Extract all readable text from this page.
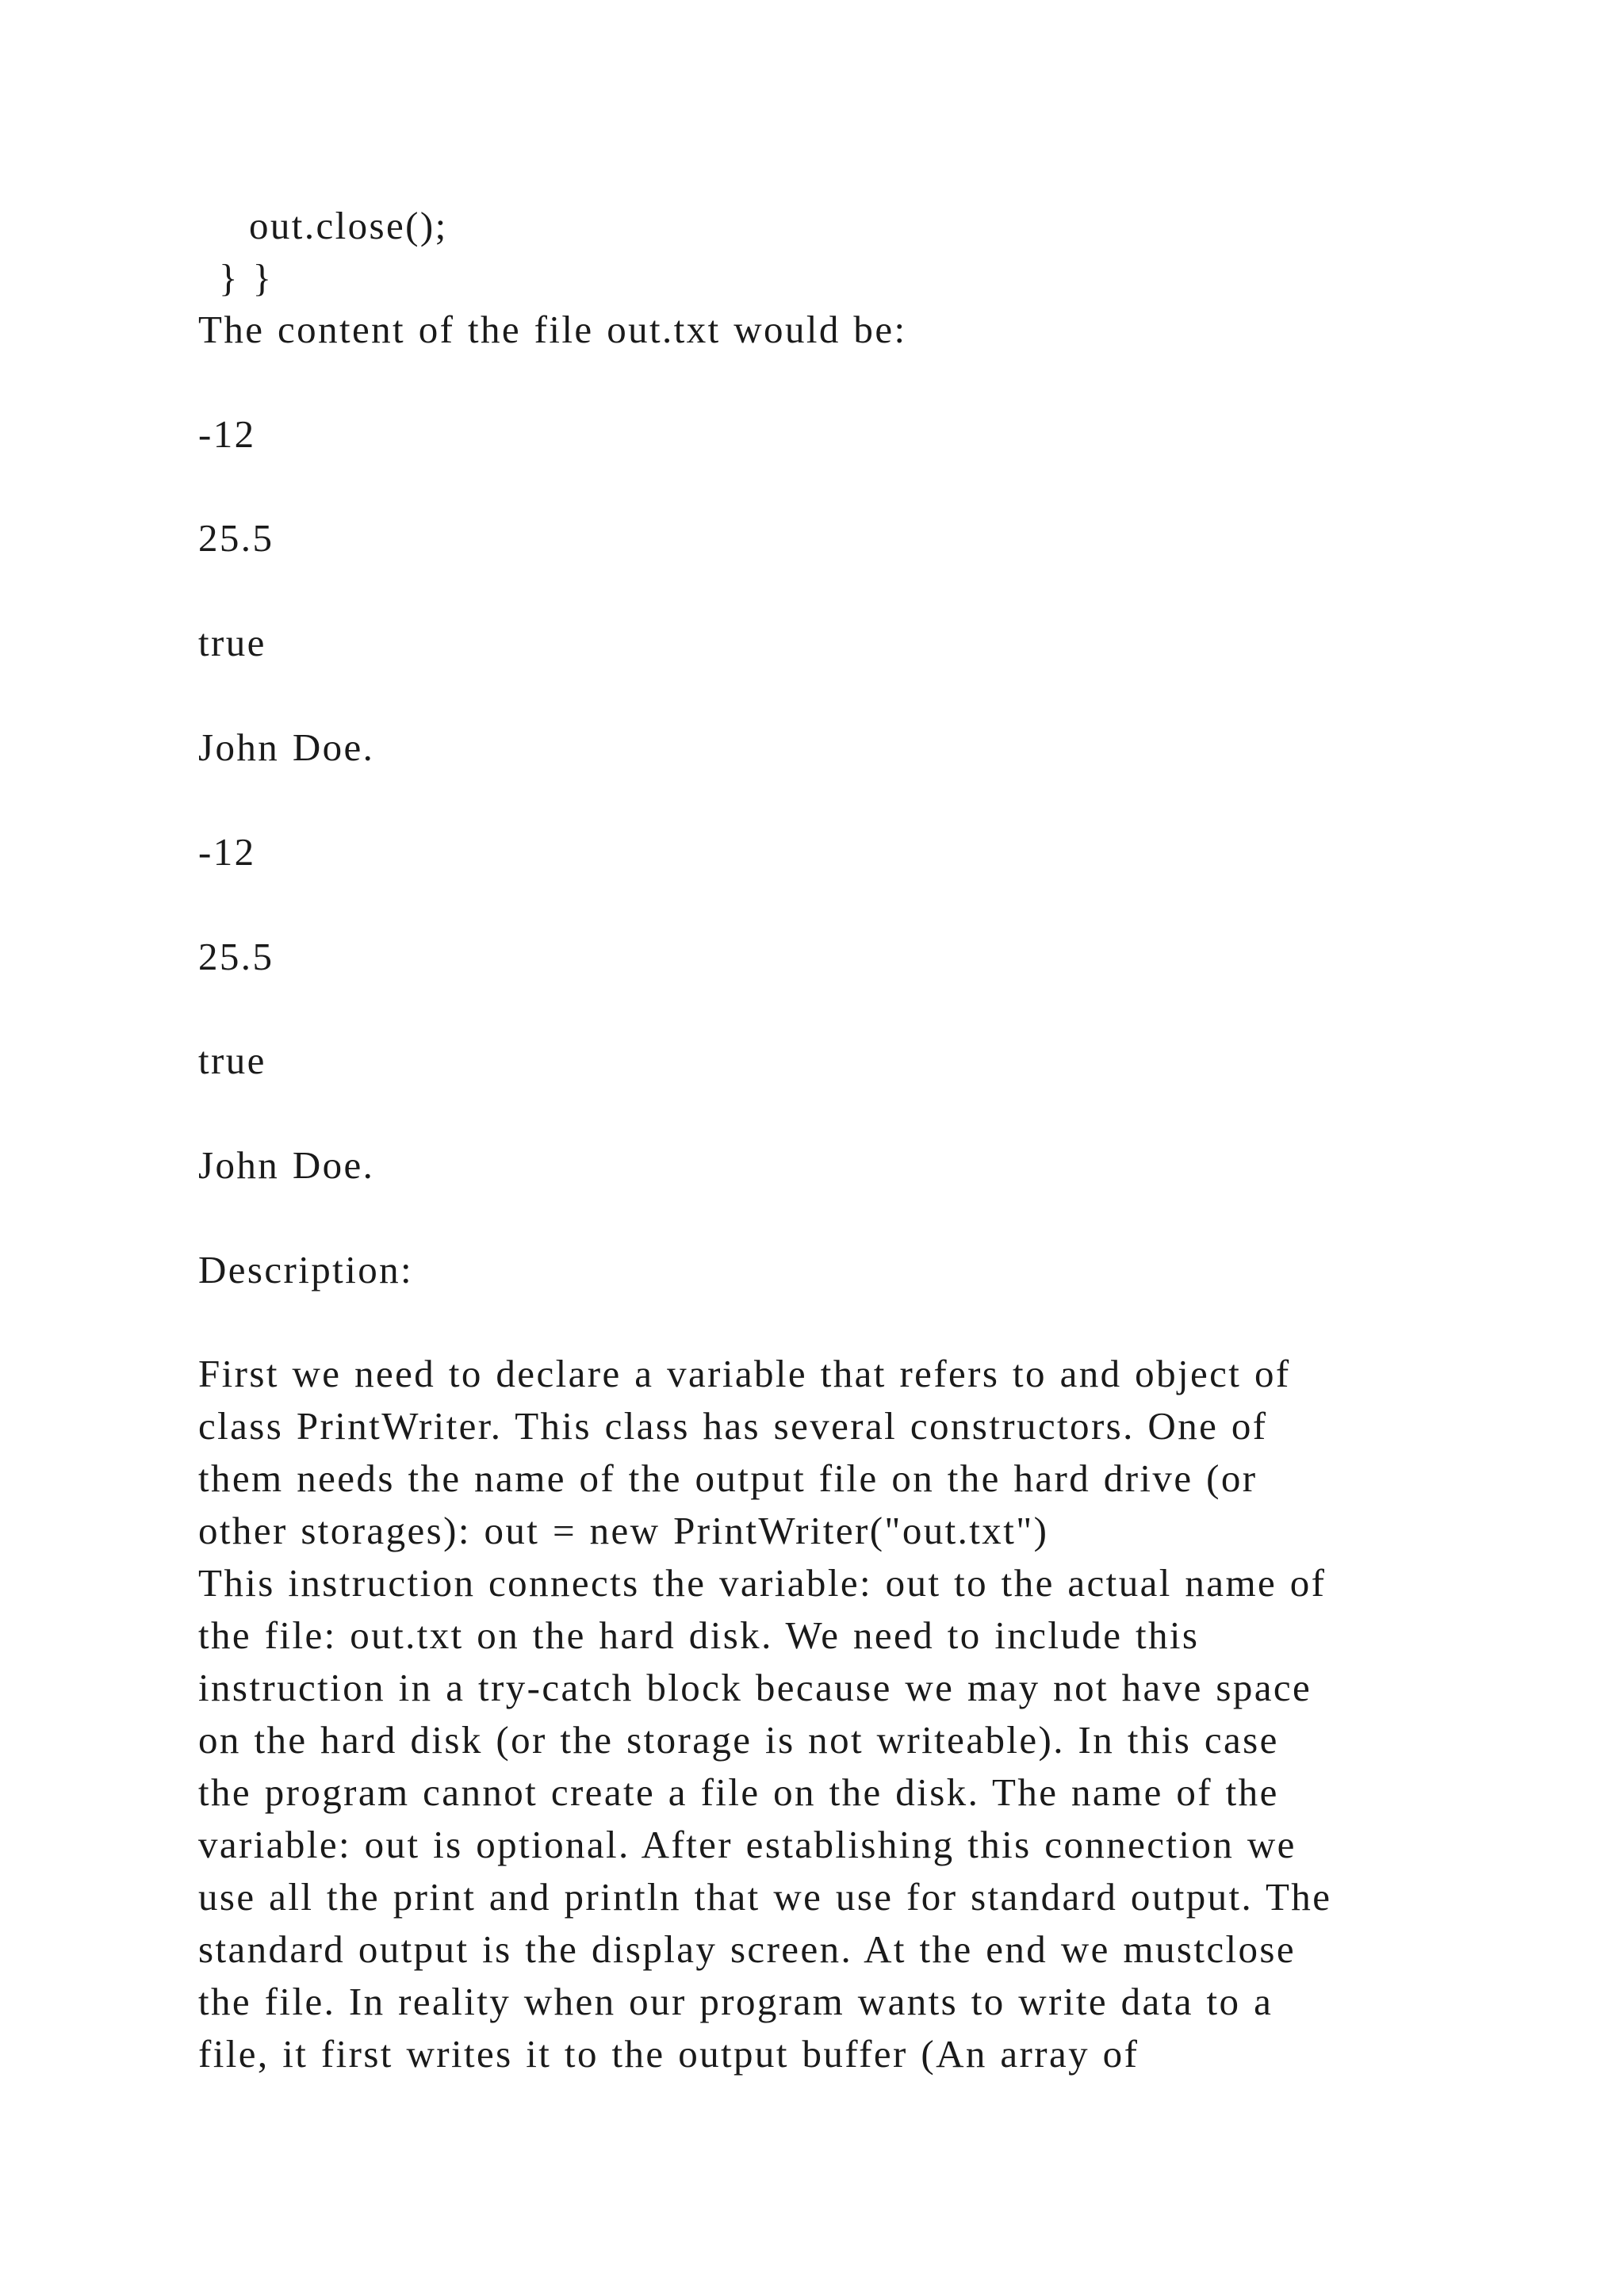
out.close();
} }
The content of the file out.txt would be:
-12
25.5
true
John Doe.
-12
25.5
true
John Doe.
Description:
First we need to declare a variable that refers to and object of
class PrintWriter. This class has several constructors. One of
them needs the name of the output file on the hard drive (or
other storages): out = new PrintWriter("out.txt")
This instruction connects the variable: out to the actual name of
the file: out.txt on the hard disk. We need to include this
instruction in a try-catch block because we may not have space
on the hard disk (or the storage is not writeable). In this case
the program cannot create a file on the disk. The name of the
variable: out is optional. After establishing this connection we
use all the print and println that we use for standard output. The
standard output is the display screen. At the end we mustclose
the file. In reality when our program wants to write data to a
file, it first writes it to the output buffer (An array of
